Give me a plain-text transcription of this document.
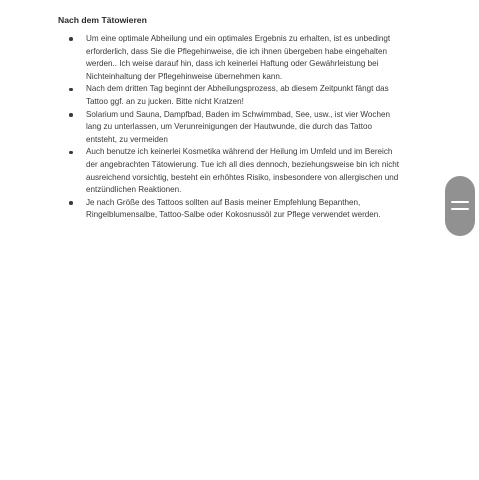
Nach dem Tätowieren
Um eine optimale Abheilung und ein optimales Ergebnis zu erhalten, ist es unbedingt erforderlich, dass Sie die Pflegehinweise, die ich ihnen übergeben habe eingehalten werden.. Ich weise darauf hin, dass ich keinerlei Haftung oder Gewährleistung bei Nichteinhaltung der Pflegehinweise übernehmen kann.
Nach dem dritten Tag beginnt der Abheilungsprozess, ab diesem Zeitpunkt fängt das Tattoo ggf. an zu jucken. Bitte nicht Kratzen!
Solarium und Sauna, Dampfbad, Baden im Schwimmbad, See, usw., ist vier Wochen lang zu unterlassen, um Verunreinigungen der Hautwunde, die durch das Tattoo entsteht, zu vermeiden
Auch benutze ich keinerlei Kosmetika während der Heilung im Umfeld und im Bereich der angebrachten Tätowierung. Tue ich all dies dennoch, beziehungsweise bin ich nicht ausreichend vorsichtig, besteht ein erhöhtes Risiko, insbesondere von allergischen und entzündlichen Reaktionen.
Je nach Größe des Tattoos sollten auf Basis meiner Empfehlung Bepanthen, Ringelblumensalbe, Tattoo-Salbe oder Kokosnussöl zur Pflege verwendet werden.
